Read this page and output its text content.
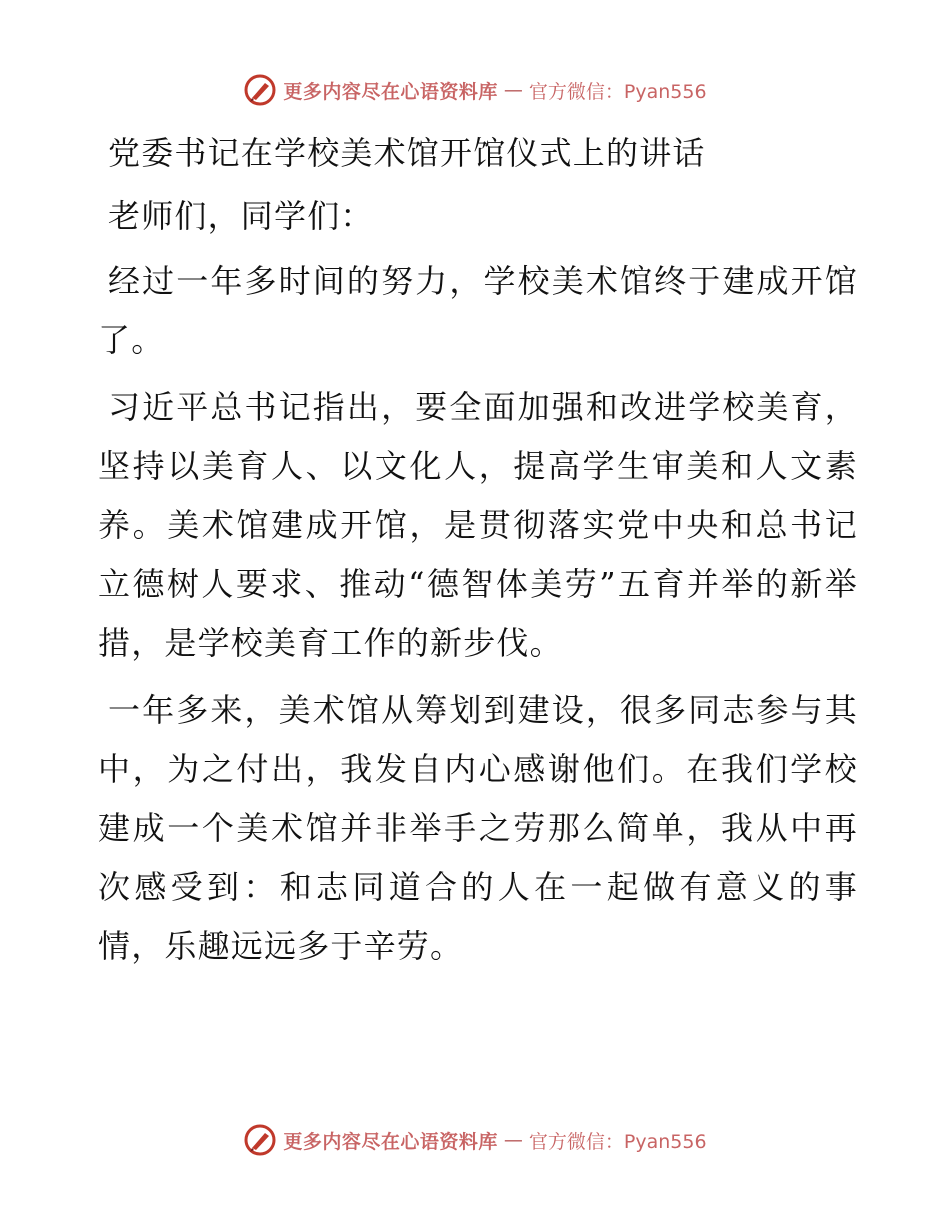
更多内容尽在心语资料库 — 官方微信：Pyan556

党委书记在学校美术馆开馆仪式上的讲话

老师们，同学们：

经过一年多时间的努力，学校美术馆终于建成开馆了。

习近平总书记指出，要全面加强和改进学校美育，坚持以美育人、以文化人，提高学生审美和人文素养。美术馆建成开馆，是贯彻落实党中央和总书记立德树人要求、推动“德智体美劳”五育并举的新举措，是学校美育工作的新步伐。

一年多来，美术馆从筹划到建设，很多同志参与其中，为之付出，我发自内心感谢他们。在我们学校建成一个美术馆并非举手之劳那么简单，我从中再次感受到：和志同道合的人在一起做有意义的事情，乐趣远远多于辛劳。

更多内容尽在心语资料库 — 官方微信：Pyan556
